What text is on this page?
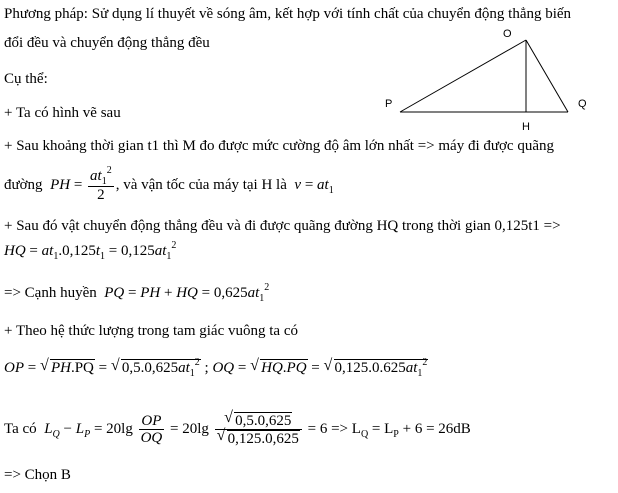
Phương pháp: Sử dụng lí thuyết về sóng âm, kết hợp với tính chất của chuyển động thẳng biến
đổi đều và chuyển động thẳng đều
Cụ thể:
+ Ta có hình vẽ sau
O
P	Q
H
+ Sau khoảng thời gian t1 thì M đo được mức cường độ âm lớn nhất => máy đi được quãng
đường PH = $\frac{at_1^2}{2}$ , và vận tốc của máy tại H là $v = at_1$
+ Sau đó vật chuyển động thẳng đều và đi được quãng đường HQ trong thời gian 0,125t1 =>
HQ = $at_1.0,125t_1 = 0,125at_1^2$
=> Cạnh huyền PQ = PH + HQ = $0,625at_1^2$
+ Theo hệ thức lượng trong tam giác vuông ta có
OP = √ PH.PQ = √ $0,5.0,625at_1^2$ ; OQ = √ HQ.PQ = √ $0,125.0.625at_1^2$
Ta có $L_Q - L_P = 20\lg \frac{OP}{OQ} = 20\lg \frac{√ 0,5.0,625}{√ 0,125.0,625} = 6 => L_Q = L_P + 6 = 26dB$
=> Chọn B
